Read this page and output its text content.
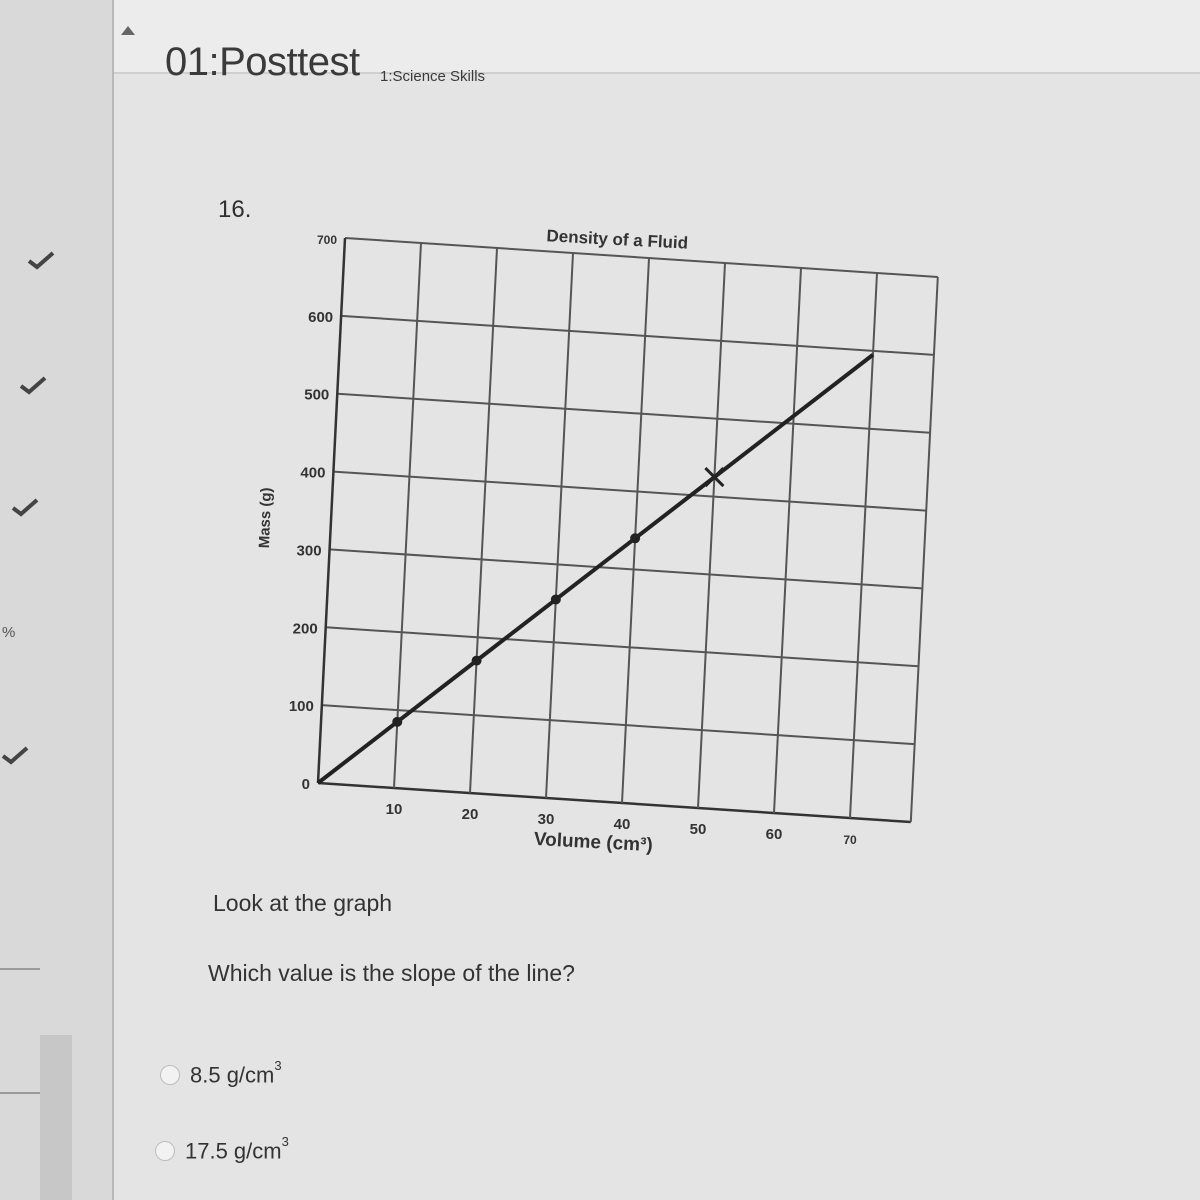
%
01:Posttest 1:Science Skills
16.
0
100
200
300
400
500
600
700
10	20	30	40	50	60	70
Density of a Fluid
Volume (cm³)
Mass (g)
Look at the graph
Which value is the slope of the line?
8.5 $g/cm^3$
17.5 $g/cm^3$
